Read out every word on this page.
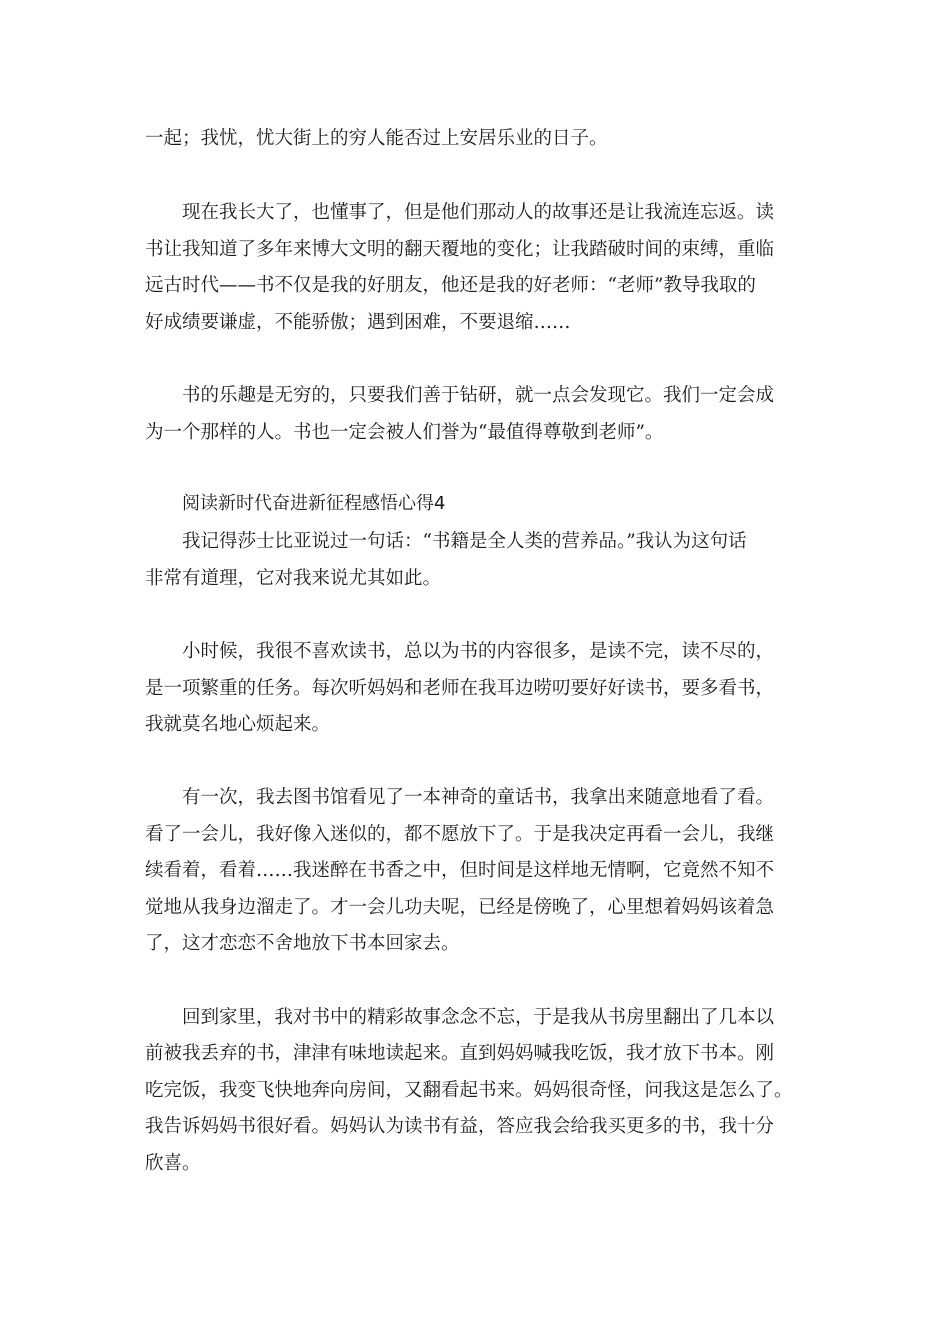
一起；我忧，忧大街上的穷人能否过上安居乐业的日子。
现在我长大了，也懂事了，但是他们那动人的故事还是让我流连忘返。读
书让我知道了多年来博大文明的翻天覆地的变化；让我踏破时间的束缚，重临
远古时代——书不仅是我的好朋友，他还是我的好老师：“老师”教导我取的
好成绩要谦虚，不能骄傲；遇到困难，不要退缩……
书的乐趣是无穷的，只要我们善于钻研，就一点会发现它。我们一定会成
为一个那样的人。书也一定会被人们誉为“最值得尊敬到老师”。
阅读新时代奋进新征程感悟心得4
我记得莎士比亚说过一句话：“书籍是全人类的营养品。”我认为这句话
非常有道理，它对我来说尤其如此。
小时候，我很不喜欢读书，总以为书的内容很多，是读不完，读不尽的，
是一项繁重的任务。每次听妈妈和老师在我耳边唠叨要好好读书，要多看书，
我就莫名地心烦起来。
有一次，我去图书馆看见了一本神奇的童话书，我拿出来随意地看了看。
看了一会儿，我好像入迷似的，都不愿放下了。于是我决定再看一会儿，我继
续看着，看着……我迷醉在书香之中，但时间是这样地无情啊，它竟然不知不
觉地从我身边溜走了。才一会儿功夫呢，已经是傍晚了，心里想着妈妈该着急
了，这才恋恋不舍地放下书本回家去。
回到家里，我对书中的精彩故事念念不忘，于是我从书房里翻出了几本以
前被我丢弃的书，津津有味地读起来。直到妈妈喊我吃饭，我才放下书本。刚
吃完饭，我变飞快地奔向房间，又翻看起书来。妈妈很奇怪，问我这是怎么了。
我告诉妈妈书很好看。妈妈认为读书有益，答应我会给我买更多的书，我十分
欣喜。
